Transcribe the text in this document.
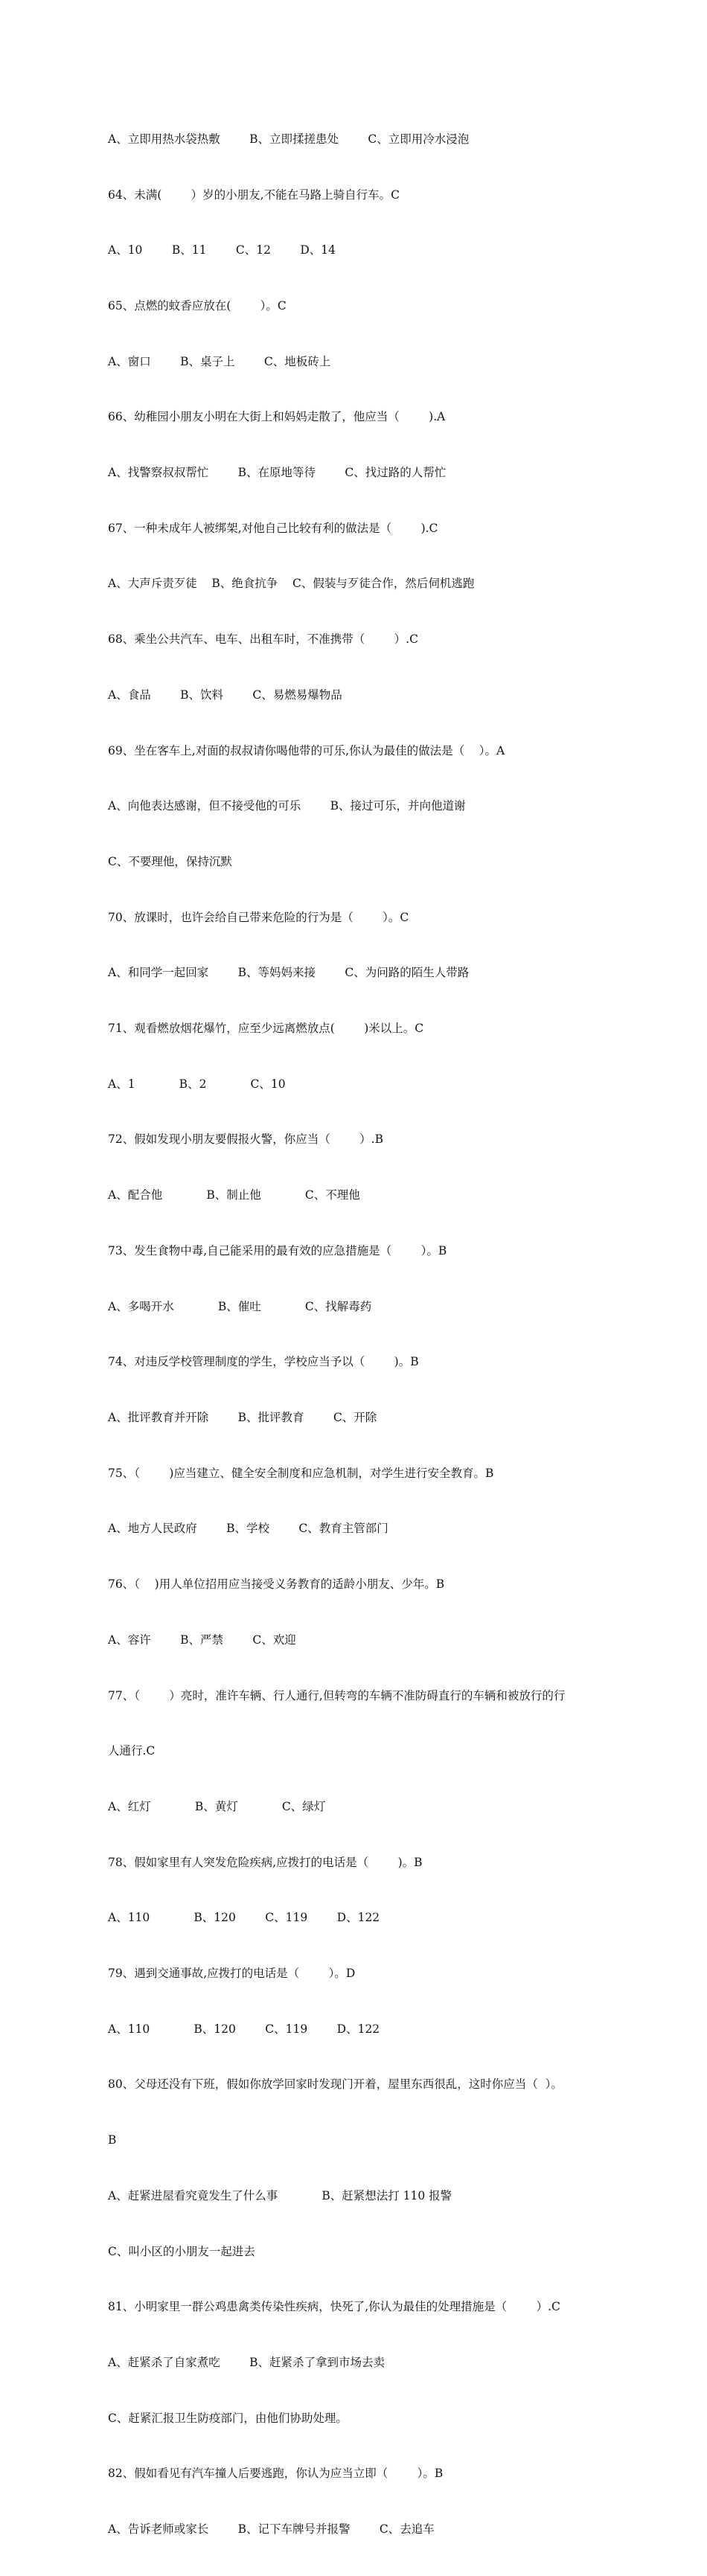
A、立即用热水袋热敷        B、立即揉搓患处        C、立即用冷水浸泡

64、未满(        ）岁的小朋友,不能在马路上骑自行车。C

A、10        B、11        C、12        D、14

65、点燃的蚊香应放在(        ）。C

A、窗口        B、桌子上        C、地板砖上

66、幼稚园小朋友小明在大街上和妈妈走散了，他应当（        ).A

A、找警察叔叔帮忙        B、在原地等待        C、找过路的人帮忙

67、一种未成年人被绑架,对他自己比较有利的做法是（        ).C

A、大声斥责歹徒    B、绝食抗争    C、假装与歹徒合作，然后伺机逃跑

68、乘坐公共汽车、电车、出租车时，不准携带（        ）.C

A、食品        B、饮料        C、易燃易爆物品

69、坐在客车上,对面的叔叔请你喝他带的可乐,你认为最佳的做法是（    ）。A

A、向他表达感谢，但不接受他的可乐        B、接过可乐，并向他道谢

C、不要理他，保持沉默

70、放课时，也许会给自己带来危险的行为是（        ）。C

A、和同学一起回家        B、等妈妈来接        C、为问路的陌生人带路

71、观看燃放烟花爆竹，应至少远离燃放点(        )米以上。C

A、1            B、2            C、10

72、假如发现小朋友要假报火警，你应当（        ）.B

A、配合他            B、制止他            C、不理他

73、发生食物中毒,自己能采用的最有效的应急措施是（        ）。B

A、多喝开水            B、催吐            C、找解毒药

74、对违反学校管理制度的学生，学校应当予以（        )。B

A、批评教育并开除        B、批评教育        C、开除

75、（        )应当建立、健全安全制度和应急机制，对学生进行安全教育。B

A、地方人民政府        B、学校        C、教育主管部门

76、（    )用人单位招用应当接受义务教育的适龄小朋友、少年。B

A、容许        B、严禁        C、欢迎

77、（        ）亮时，准许车辆、行人通行,但转弯的车辆不准防碍直行的车辆和被放行的行

人通行.C

A、红灯            B、黄灯            C、绿灯

78、假如家里有人突发危险疾病,应拨打的电话是（        )。B

A、110            B、120        C、119        D、122

79、遇到交通事故,应拨打的电话是（        ）。D

A、110            B、120        C、119        D、122

80、父母还没有下班，假如你放学回家时发现门开着，屋里东西很乱，这时你应当（  ）。

B

A、赶紧进屋看究竟发生了什么事            B、赶紧想法打 110 报警

C、叫小区的小朋友一起进去

81、小明家里一群公鸡患禽类传染性疾病，快死了,你认为最佳的处理措施是（        ）.C

A、赶紧杀了自家煮吃        B、赶紧杀了拿到市场去卖

C、赶紧汇报卫生防疫部门，由他们协助处理。

82、假如看见有汽车撞人后要逃跑，你认为应当立即（        ）。B

A、告诉老师或家长        B、记下车牌号并报警        C、去追车
